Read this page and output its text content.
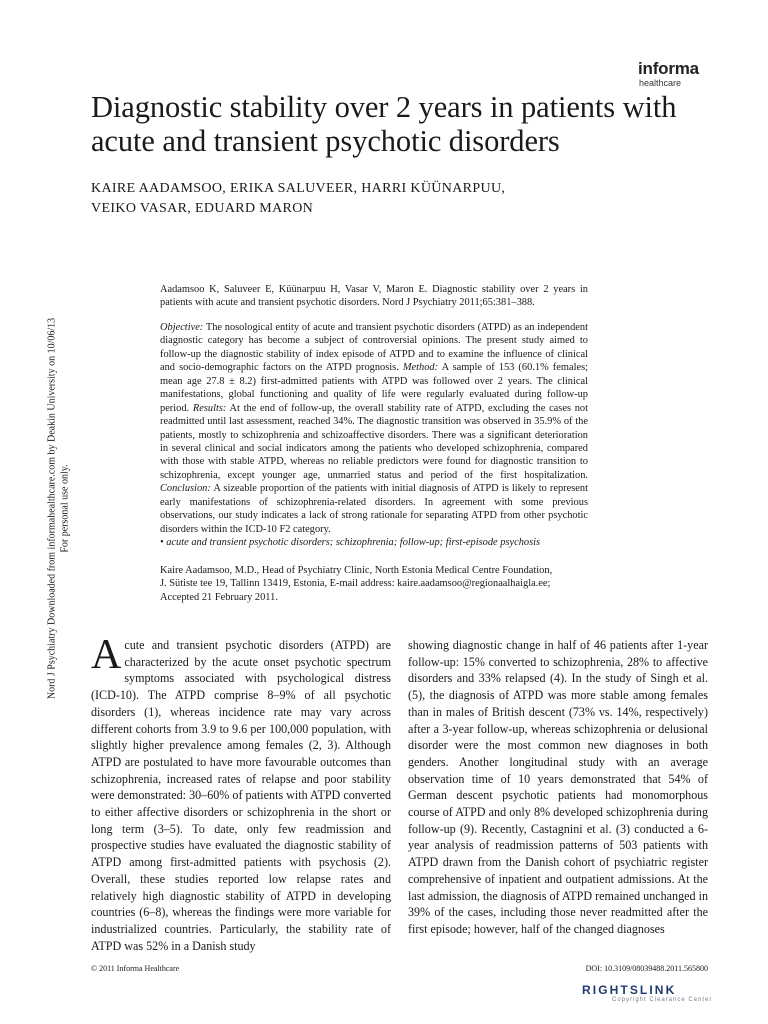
informa
healthcare
Nord J Psychiatry Downloaded from informahealthcare.com by Deakin University on 10/06/13 For personal use only.
Diagnostic stability over 2 years in patients with acute and transient psychotic disorders
KAIRE AADAMSOO, ERIKA SALUVEER, HARRI KÜÜNARPUU,
VEIKO VASAR, EDUARD MARON

Aadamsoo K, Saluveer E, Küünarpuu H, Vasar V, Maron E. Diagnostic stability over 2 years in patients with acute and transient psychotic disorders. Nord J Psychiatry 2011;65:381–388.

Objective: The nosological entity of acute and transient psychotic disorders (ATPD) as an independent diagnostic category has become a subject of controversial opinions. The present study aimed to follow-up the diagnostic stability of index episode of ATPD and to examine the influence of clinical and socio-demographic factors on the ATPD prognosis. Method: A sample of 153 (60.1% females; mean age 27.8 ± 8.2) first-admitted patients with ATPD was followed over 2 years. The clinical manifestations, global functioning and quality of life were regularly evaluated during follow-up period. Results: At the end of follow-up, the overall stability rate of ATPD, excluding the cases not readmitted until last assessment, reached 34%. The diagnostic transition was observed in 35.9% of the patients, mostly to schizophrenia and schizoaffective disorders. There was a significant deterioration in several clinical and social indicators among the patients who developed schizophrenia, compared with those with stable ATPD, whereas no reliable predictors were found for diagnostic transition to schizophrenia, except younger age, unmarried status and period of the first hospitalization. Conclusion: A sizeable proportion of the patients with initial diagnosis of ATPD is likely to represent early manifestations of schizophrenia-related disorders. In agreement with some previous observations, our study indicates a lack of strong rationale for separating ATPD from other psychotic disorders within the ICD-10 F2 category.

• acute and transient psychotic disorders; schizophrenia; follow-up; first-episode psychosis

Kaire Aadamsoo, M.D., Head of Psychiatry Clinic, North Estonia Medical Centre Foundation,
J. Sütiste tee 19, Tallinn 13419, Estonia, E-mail address: kaire.aadamsoo@regionaalhaigla.ee;
Accepted 21 February 2011.

Acute and transient psychotic disorders (ATPD) are characterized by the acute onset psychotic spectrum symptoms associated with psychological distress (ICD-10). The ATPD comprise 8–9% of all psychotic disorders (1), whereas incidence rate may vary across different cohorts from 3.9 to 9.6 per 100,000 population, with slightly higher prevalence among females (2, 3). Although ATPD are postulated to have more favourable outcomes than schizophrenia, increased rates of relapse and poor stability were demonstrated: 30–60% of patients with ATPD converted to either affective disorders or schizophrenia in the short or long term (3–5). To date, only few readmission and prospective studies have evaluated the diagnostic stability of ATPD among first-admitted patients with psychosis (2). Overall, these studies reported low relapse rates and relatively high diagnostic stability of ATPD in developing countries (6–8), whereas the findings were more variable for industrialized countries. Particularly, the stability rate of ATPD was 52% in a Danish study
showing diagnostic change in half of 46 patients after 1-year follow-up: 15% converted to schizophrenia, 28% to affective disorders and 33% relapsed (4). In the study of Singh et al. (5), the diagnosis of ATPD was more stable among females than in males of British descent (73% vs. 14%, respectively) after a 3-year follow-up, whereas schizophrenia or delusional disorder were the most common new diagnoses in both genders. Another longitudinal study with an average observation time of 10 years demonstrated that 54% of German descent psychotic patients had monomorphous course of ATPD and only 8% developed schizophrenia during follow-up (9). Recently, Castagnini et al. (3) conducted a 6-year analysis of readmission patterns of 503 patients with ATPD drawn from the Danish cohort of psychiatric register comprehensive of inpatient and outpatient admissions. At the last admission, the diagnosis of ATPD remained unchanged in 39% of the cases, including those never readmitted after the first episode; however, half of the changed diagnoses
© 2011 Informa Healthcare	DOI: 10.3109/08039488.2011.565800
RIGHTSLINK
Copyright Clearance Center
